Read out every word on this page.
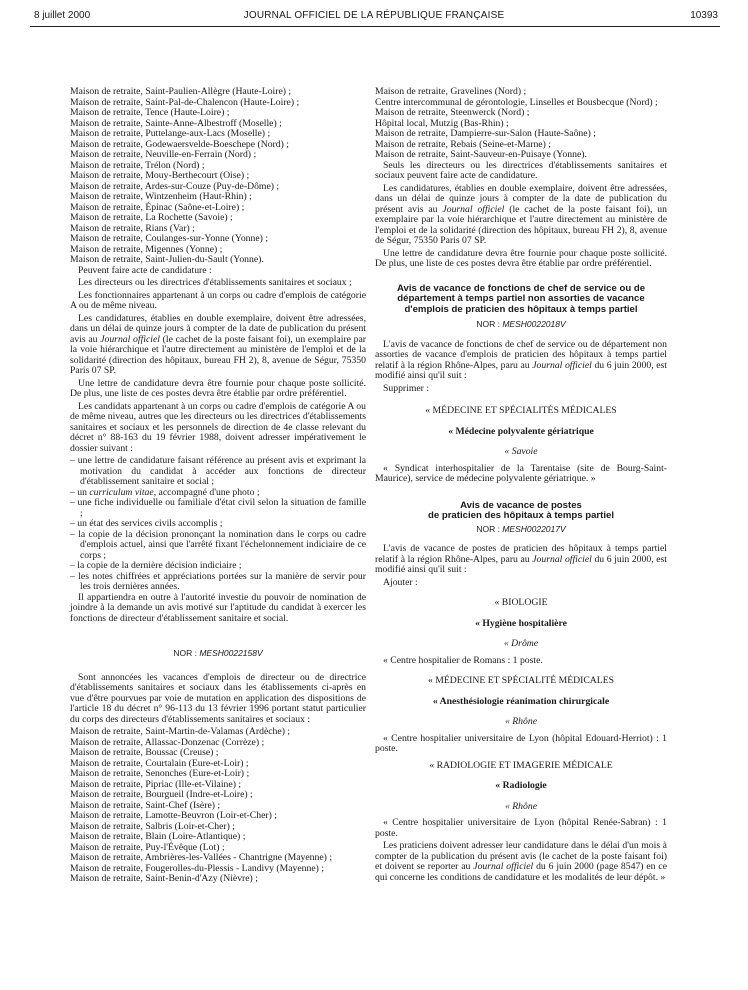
8 juillet 2000	JOURNAL OFFICIEL DE LA RÉPUBLIQUE FRANÇAISE	10393
Maison de retraite, Saint-Paulien-Allègre (Haute-Loire) ;
Maison de retraite, Saint-Pal-de-Chalencon (Haute-Loire) ;
Maison de retraite, Tence (Haute-Loire) ;
Maison de retraite, Sainte-Anne-Albestroff (Moselle) ;
Maison de retraite, Puttelange-aux-Lacs (Moselle) ;
Maison de retraite, Godewaersvelde-Boeschepe (Nord) ;
Maison de retraite, Neuville-en-Ferrain (Nord) ;
Maison de retraite, Trélon (Nord) ;
Maison de retraite, Mouy-Berthecourt (Oise) ;
Maison de retraite, Ardes-sur-Couze (Puy-de-Dôme) ;
Maison de retraite, Wintzenheim (Haut-Rhin) ;
Maison de retraite, Épinac (Saône-et-Loire) ;
Maison de retraite, La Rochette (Savoie) ;
Maison de retraite, Rians (Var) ;
Maison de retraite, Coulanges-sur-Yonne (Yonne) ;
Maison de retraite, Migennes (Yonne) ;
Maison de retraite, Saint-Julien-du-Sault (Yonne).

Peuvent faire acte de candidature :

Les directeurs ou les directrices d'établissements sanitaires et sociaux ;

Les fonctionnaires appartenant à un corps ou cadre d'emplois de catégorie A ou de même niveau.

Les candidatures, établies en double exemplaire, doivent être adressées, dans un délai de quinze jours à compter de la date de publication du présent avis au Journal officiel (le cachet de la poste faisant foi), un exemplaire par la voie hiérarchique et l'autre directement au ministère de l'emploi et de la solidarité (direction des hôpitaux, bureau FH 2), 8, avenue de Ségur, 75350 Paris 07 SP.

Une lettre de candidature devra être fournie pour chaque poste sollicité. De plus, une liste de ces postes devra être établie par ordre préférentiel.

Les candidats appartenant à un corps ou cadre d'emplois de catégorie A ou de même niveau, autres que les directeurs ou les directrices d'établissements sanitaires et sociaux et les personnels de direction de 4e classe relevant du décret n° 88-163 du 19 février 1988, doivent adresser impérativement le dossier suivant :

– une lettre de candidature faisant référence au présent avis et exprimant la motivation du candidat à accéder aux fonctions de directeur d'établissement sanitaire et social ;

– un curriculum vitae, accompagné d'une photo ;

– une fiche individuelle ou familiale d'état civil selon la situation de famille ;

– un état des services civils accomplis ;

– la copie de la décision prononçant la nomination dans le corps ou cadre d'emplois actuel, ainsi que l'arrêté fixant l'échelonnement indiciaire de ce corps ;

– la copie de la dernière décision indiciaire ;

– les notes chiffrées et appréciations portées sur la manière de servir pour les trois dernières années.

Il appartiendra en outre à l'autorité investie du pouvoir de nomination de joindre à la demande un avis motivé sur l'aptitude du candidat à exercer les fonctions de directeur d'établissement sanitaire et social.

NOR : MESH0022158V

Sont annoncées les vacances d'emplois de directeur ou de directrice d'établissements sanitaires et sociaux dans les établissements ci-après en vue d'être pourvues par voie de mutation en application des dispositions de l'article 18 du décret n° 96-113 du 13 février 1996 portant statut particulier du corps des directeurs d'établissements sanitaires et sociaux :

Maison de retraite, Saint-Martin-de-Valamas (Ardèche) ;
Maison de retraite, Allassac-Donzenac (Corrèze) ;
Maison de retraite, Boussac (Creuse) ;
Maison de retraite, Courtalain (Eure-et-Loir) ;
Maison de retraite, Senonches (Eure-et-Loir) ;
Maison de retraite, Pipriac (Ille-et-Vilaine) ;
Maison de retraite, Bourgueil (Indre-et-Loire) ;
Maison de retraite, Saint-Chef (Isère) ;
Maison de retraite, Lamotte-Beuvron (Loir-et-Cher) ;
Maison de retraite, Salbris (Loir-et-Cher) ;
Maison de retraite, Blain (Loire-Atlantique) ;
Maison de retraite, Puy-l'Évêque (Lot) ;
Maison de retraite, Ambrières-les-Vallées - Chantrigne (Mayenne) ;
Maison de retraite, Fougerolles-du-Plessis - Landivy (Mayenne) ;
Maison de retraite, Saint-Benin-d'Azy (Nièvre) ;
Maison de retraite, Gravelines (Nord) ;
Centre intercommunal de gérontologie, Linselles et Bousbecque (Nord) ;
Maison de retraite, Steenwerck (Nord) ;
Hôpital local, Mutzig (Bas-Rhin) ;
Maison de retraite, Dampierre-sur-Salon (Haute-Saône) ;
Maison de retraite, Rebais (Seine-et-Marne) ;
Maison de retraite, Saint-Sauveur-en-Puisaye (Yonne).

Seuls les directeurs ou les directrices d'établissements sanitaires et sociaux peuvent faire acte de candidature.

Les candidatures, établies en double exemplaire, doivent être adressées, dans un délai de quinze jours à compter de la date de publication du présent avis au Journal officiel (le cachet de la poste faisant foi), un exemplaire par la voie hiérarchique et l'autre directement au ministère de l'emploi et de la solidarité (direction des hôpitaux, bureau FH 2), 8, avenue de Ségur, 75350 Paris 07 SP.

Une lettre de candidature devra être fournie pour chaque poste sollicité. De plus, une liste de ces postes devra être établie par ordre préférentiel.

Avis de vacance de fonctions de chef de service ou de département à temps partiel non assorties de vacance d'emplois de praticien des hôpitaux à temps partiel

NOR : MESH0022018V

L'avis de vacance de fonctions de chef de service ou de département non assorties de vacance d'emplois de praticien des hôpitaux à temps partiel relatif à la région Rhône-Alpes, paru au Journal officiel du 6 juin 2000, est modifié ainsi qu'il suit :

Supprimer :

« MÉDECINE ET SPÉCIALITÉS MÉDICALES
« Médecine polyvalente gériatrique
« Savoie

« Syndicat interhospitalier de la Tarentaise (site de Bourg-Saint-Maurice), service de médecine polyvalente gériatrique. »

Avis de vacance de postes

de praticien des hôpitaux à temps partiel

NOR : MESH0022017V

L'avis de vacance de postes de praticien des hôpitaux à temps partiel relatif à la région Rhône-Alpes, paru au Journal officiel du 6 juin 2000, est modifié ainsi qu'il suit :

Ajouter :

« BIOLOGIE
« Hygiène hospitalière
« Drôme

« Centre hospitalier de Romans : 1 poste.

« MÉDECINE ET SPÉCIALITÉ MÉDICALES
« Anesthésiologie réanimation chirurgicale
« Rhône

« Centre hospitalier universitaire de Lyon (hôpital Edouard-Herriot) : 1 poste.

« RADIOLOGIE ET IMAGERIE MÉDICALE
« Radiologie
« Rhône

« Centre hospitalier universitaire de Lyon (hôpital Renée-Sabran) : 1 poste.

Les praticiens doivent adresser leur candidature dans le délai d'un mois à compter de la publication du présent avis (le cachet de la poste faisant foi) et doivent se reporter au Journal officiel du 6 juin 2000 (page 8547) en ce qui concerne les conditions de candidature et les modalités de leur dépôt. »
